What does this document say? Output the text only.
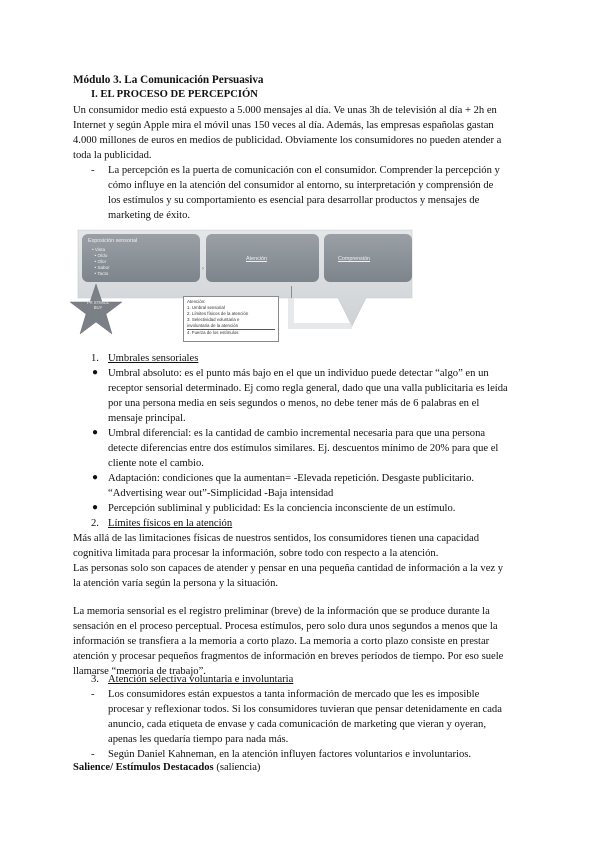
Módulo 3. La Comunicación Persuasiva
I. EL PROCESO DE PERCEPCIÓN
Un consumidor medio está expuesto a 5.000 mensajes al día. Ve unas 3h de televisión al día + 2h en
Internet y según Apple mira el móvil unas 150 veces al día. Además, las empresas españolas gastan
4.000 millones de euros en medios de publicidad. Obviamente los consumidores no pueden atender a
toda la publicidad.
- La percepción es la puerta de comunicación con el consumidor. Comprender la percepción y
cómo influye en la atención del consumidor al entorno, su interpretación y comprensión de
los estímulos y su comportamiento es esencial para desarrollar productos y mensajes de
marketing de éxito.
Exposición sensorial
• Vista
• Oído
• Olor
• Sabor
• Tacto
›
Atención	Comprensión
PR STIMUL BUY
Atención:
1. Umbral sensorial
2. Límites físicos de la atención
3. Selectividad voluntaria e
involuntaria de la atención
4. Fuerza de los estímulos
1. Umbrales sensoriales
● Umbral absoluto: es el punto más bajo en el que un individuo puede detectar “algo” en un
receptor sensorial determinado. Ej como regla general, dado que una valla publicitaria es leída
por una persona media en seis segundos o menos, no debe tener más de 6 palabras en el
mensaje principal.
● Umbral diferencial: es la cantidad de cambio incremental necesaria para que una persona
detecte diferencias entre dos estímulos similares. Ej. descuentos mínimo de 20% para que el
cliente note el cambio.
● Adaptación: condiciones que la aumentan= -Elevada repetición. Desgaste publicitario.
“Advertising wear out”-Simplicidad -Baja intensidad
● Percepción subliminal y publicidad: Es la conciencia inconsciente de un estímulo.
2. Límites físicos en la atención
Más allá de las limitaciones físicas de nuestros sentidos, los consumidores tienen una capacidad
cognitiva limitada para procesar la información, sobre todo con respecto a la atención.
Las personas solo son capaces de atender y pensar en una pequeña cantidad de información a la vez y
la atención varía según la persona y la situación.
La memoria sensorial es el registro preliminar (breve) de la información que se produce durante la
sensación en el proceso perceptual. Procesa estímulos, pero solo dura unos segundos a menos que la
información se transfiera a la memoria a corto plazo. La memoria a corto plazo consiste en prestar
atención y procesar pequeños fragmentos de información en breves períodos de tiempo. Por eso suele
llamarse “memoria de trabajo”.
3. Atención selectiva voluntaria e involuntaria
- Los consumidores están expuestos a tanta información de mercado que les es imposible
procesar y reflexionar todos. Si los consumidores tuvieran que pensar detenidamente en cada
anuncio, cada etiqueta de envase y cada comunicación de marketing que vieran y oyeran,
apenas les quedaría tiempo para nada más.
- Según Daniel Kahneman, en la atención influyen factores voluntarios e involuntarios.
Salience/ Estímulos Destacados (saliencia)
